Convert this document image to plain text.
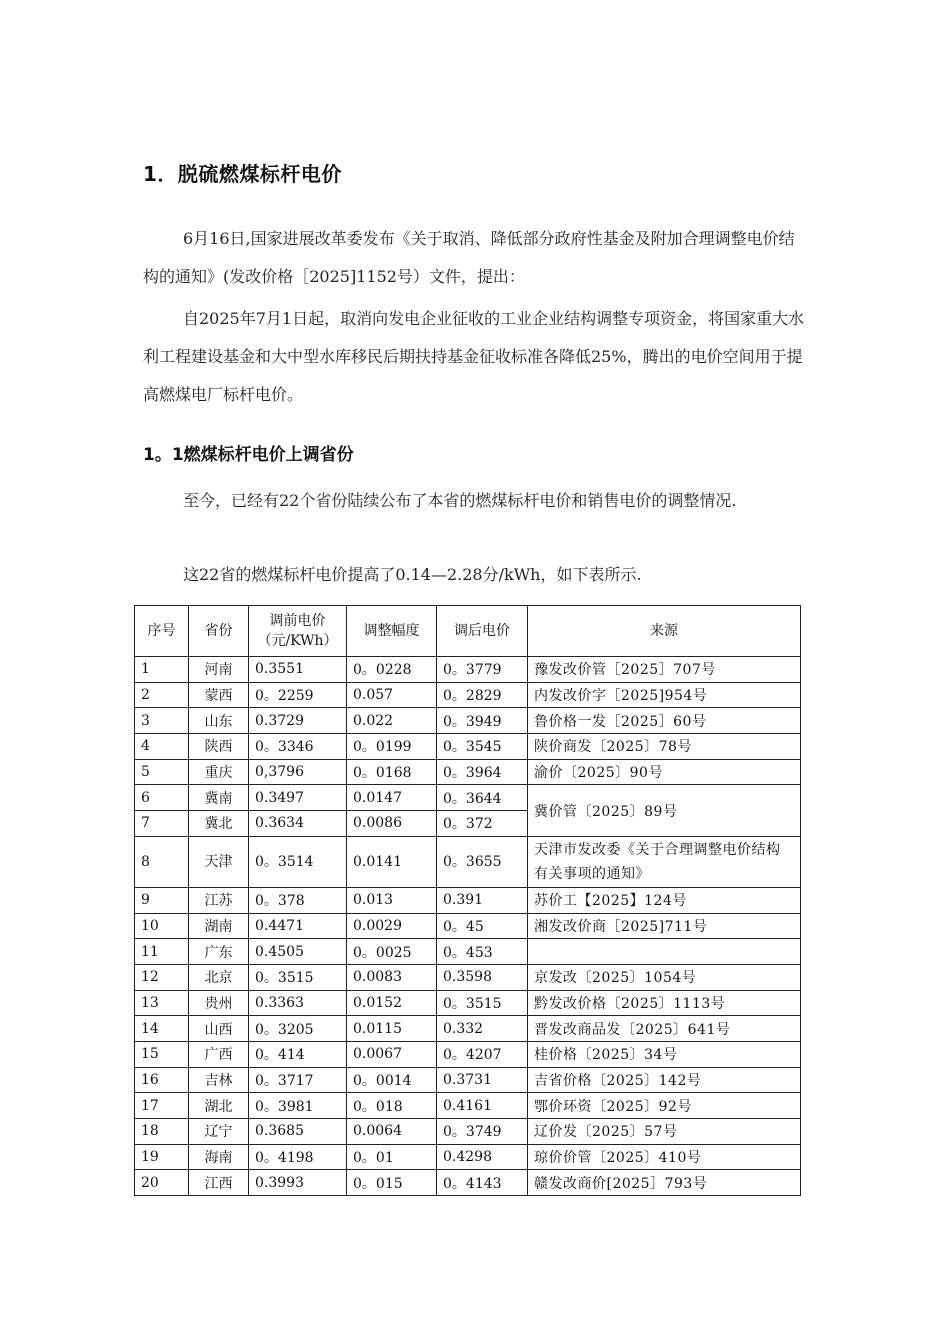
1．脱硫燃煤标杆电价

6月16日,国家进展改革委发布《关于取消、降低部分政府性基金及附加合理调整电价结构的通知》(发改价格［2025]1152号）文件，提出：

自2025年7月1日起，取消向发电企业征收的工业企业结构调整专项资金，将国家重大水利工程建设基金和大中型水库移民后期扶持基金征收标准各降低25%，腾出的电价空间用于提高燃煤电厂标杆电价。

1。1燃煤标杆电价上调省份

至今，已经有22个省份陆续公布了本省的燃煤标杆电价和销售电价的调整情况.

这22省的燃煤标杆电价提高了0.14—2.28分/kWh，如下表所示.

序号	省份	调前电价（元/KWh）	调整幅度	调后电价	来源
1	河南	0.3551	0。0228	0。3779	豫发改价管［2025］707号
2	蒙西	0。2259	0.057	0。2829	内发改价字［2025]954号
3	山东	0.3729	0.022	0。3949	鲁价格一发［2025］60号
4	陕西	0。3346	0。0199	0。3545	陕价商发〔2025〕78号
5	重庆	0,3796	0。0168	0。3964	渝价〔2025〕90号
6	冀南	0.3497	0.0147	0。3644	冀价管〔2025〕89号
7	冀北	0.3634	0.0086	0。372	
8	天津	0。3514	0.0141	0。3655	天津市发改委《关于合理调整电价结构有关事项的通知》
9	江苏	0。378	0.013	0.391	苏价工【2025】124号
10	湖南	0.4471	0.0029	0。45	湘发改价商［2025]711号
11	广东	0.4505	0。0025	0。453	
12	北京	0。3515	0.0083	0.3598	京发改〔2025〕1054号
13	贵州	0.3363	0.0152	0。3515	黔发改价格〔2025〕1113号
14	山西	0。3205	0.0115	0.332	晋发改商品发〔2025〕641号
15	广西	0。414	0.0067	0。4207	桂价格〔2025〕34号
16	吉林	0。3717	0。0014	0.3731	吉省价格〔2025〕142号
17	湖北	0。3981	0。018	0.4161	鄂价环资〔2025〕92号
18	辽宁	0.3685	0.0064	0。3749	辽价发〔2025〕57号
19	海南	0。4198	0。01	0.4298	琼价价管〔2025〕410号
20	江西	0.3993	0。015	0。4143	赣发改商价[2025］793号
